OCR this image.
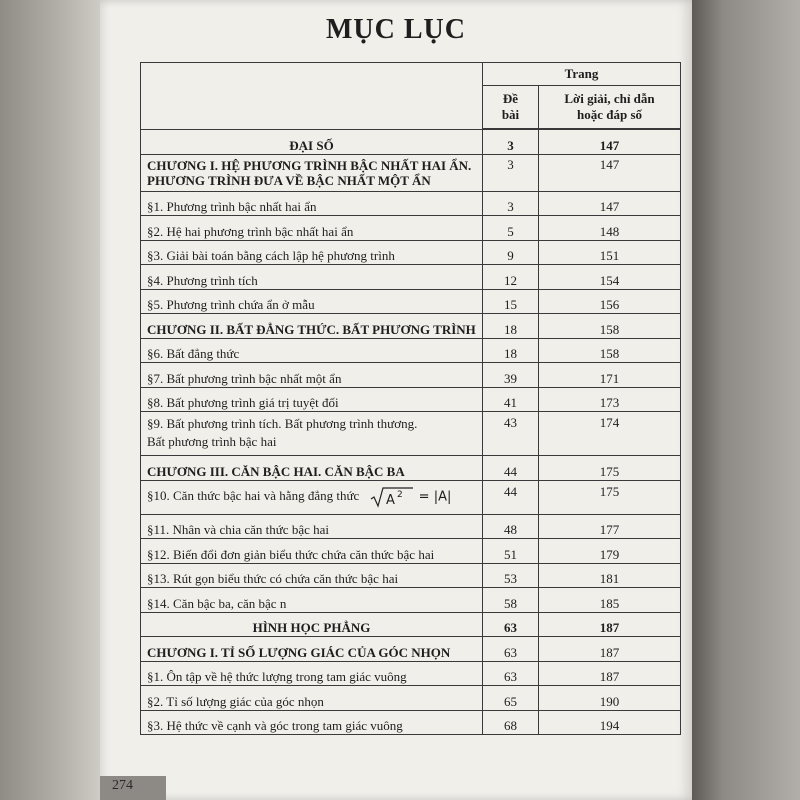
MỤC LỤC
	Trang	
	Đề
bài	Lời giải, chỉ dẫn
hoặc đáp số

ĐẠI SỐ	3	147
CHƯƠNG I. HỆ PHƯƠNG TRÌNH BẬC NHẤT HAI ẨN.
PHƯƠNG TRÌNH ĐƯA VỀ BẬC NHẤT MỘT ẨN	3	147
§1. Phương trình bậc nhất hai ẩn	3	147
§2. Hệ hai phương trình bậc nhất hai ẩn	5	148
§3. Giải bài toán bằng cách lập hệ phương trình	9	151
§4. Phương trình tích	12	154
§5. Phương trình chứa ẩn ở mẫu	15	156
CHƯƠNG II. BẤT ĐẲNG THỨC. BẤT PHƯƠNG TRÌNH	18	158
§6. Bất đẳng thức	18	158
§7. Bất phương trình bậc nhất một ẩn	39	171
§8. Bất phương trình giá trị tuyệt đối	41	173
§9. Bất phương trình tích. Bất phương trình thương.
Bất phương trình bậc hai	43	174
CHƯƠNG III. CĂN BẬC HAI. CĂN BẬC BA	44	175
§10. Căn thức bậc hai và hằng đẳng thức A 2 = |A|	44	175
§11. Nhân và chia căn thức bậc hai	48	177
§12. Biến đổi đơn giản biểu thức chứa căn thức bậc hai	51	179
§13. Rút gọn biểu thức có chứa căn thức bậc hai	53	181
§14. Căn bậc ba, căn bậc n	58	185
HÌNH HỌC PHẲNG	63	187
CHƯƠNG I. TỈ SỐ LƯỢNG GIÁC CỦA GÓC NHỌN	63	187
§1. Ôn tập về hệ thức lượng trong tam giác vuông	63	187
§2. Tỉ số lượng giác của góc nhọn	65	190
§3. Hệ thức về cạnh và góc trong tam giác vuông	68	194
274
